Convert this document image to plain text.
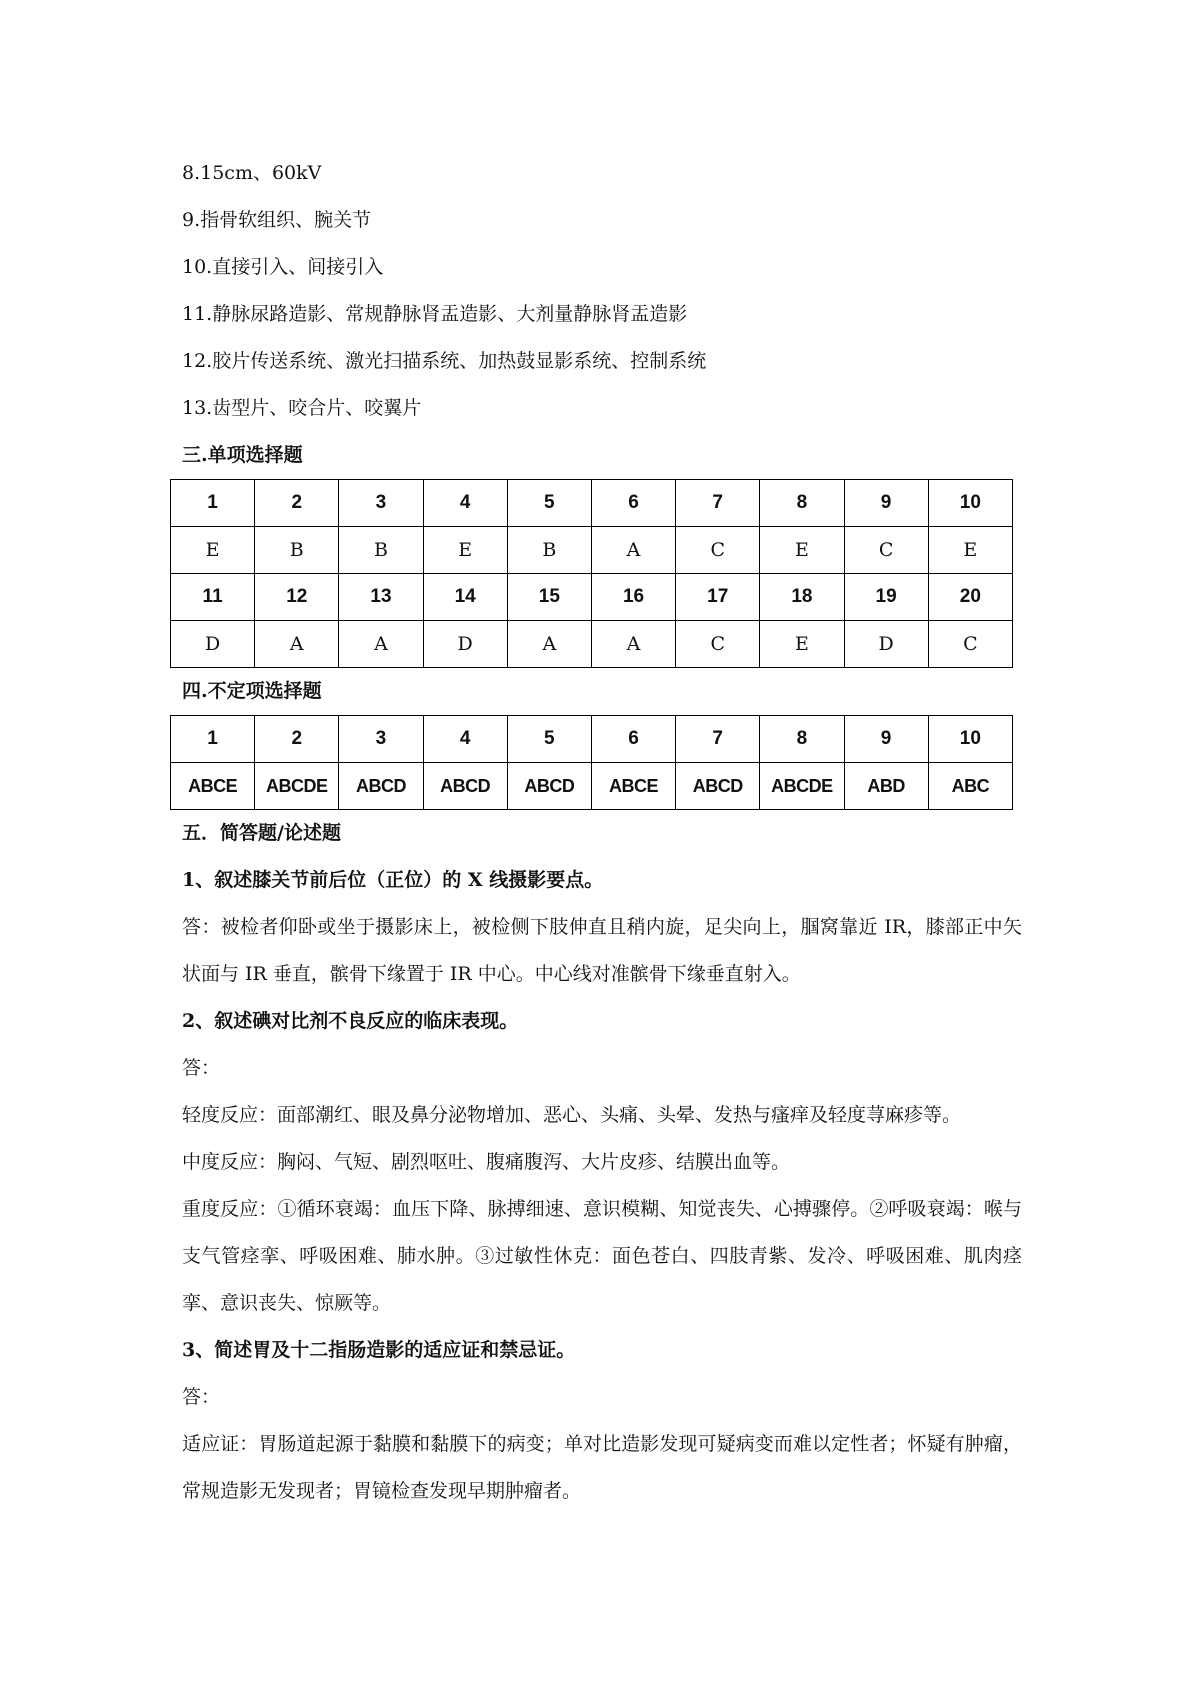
8.15cm、60kV
9.指骨软组织、腕关节
10.直接引入、间接引入
11.静脉尿路造影、常规静脉肾盂造影、大剂量静脉肾盂造影
12.胶片传送系统、激光扫描系统、加热鼓显影系统、控制系统
13.齿型片、咬合片、咬翼片
三.单项选择题
1	2	3	4	5	6	7	8	9	10
E	B	B	E	B	A	C	E	C	E
11	12	13	14	15	16	17	18	19	20
D	A	A	D	A	A	C	E	D	C
四.不定项选择题
1	2	3	4	5	6	7	8	9	10
ABCE	ABCDE	ABCD	ABCD	ABCD	ABCE	ABCD	ABCDE	ABD	ABC
五．简答题/论述题
1、叙述膝关节前后位（正位）的 X 线摄影要点。
答：被检者仰卧或坐于摄影床上，被检侧下肢伸直且稍内旋，足尖向上，腘窝靠近 IR，膝部正中矢状面与 IR 垂直，髌骨下缘置于 IR 中心。中心线对准髌骨下缘垂直射入。
2、叙述碘对比剂不良反应的临床表现。
答：
轻度反应：面部潮红、眼及鼻分泌物增加、恶心、头痛、头晕、发热与瘙痒及轻度荨麻疹等。
中度反应：胸闷、气短、剧烈呕吐、腹痛腹泻、大片皮疹、结膜出血等。
重度反应：①循环衰竭：血压下降、脉搏细速、意识模糊、知觉丧失、心搏骤停。②呼吸衰竭：喉与支气管痉挛、呼吸困难、肺水肿。③过敏性休克：面色苍白、四肢青紫、发冷、呼吸困难、肌肉痉挛、意识丧失、惊厥等。
3、简述胃及十二指肠造影的适应证和禁忌证。
答：
适应证：胃肠道起源于黏膜和黏膜下的病变；单对比造影发现可疑病变而难以定性者；怀疑有肿瘤，常规造影无发现者；胃镜检查发现早期肿瘤者。
